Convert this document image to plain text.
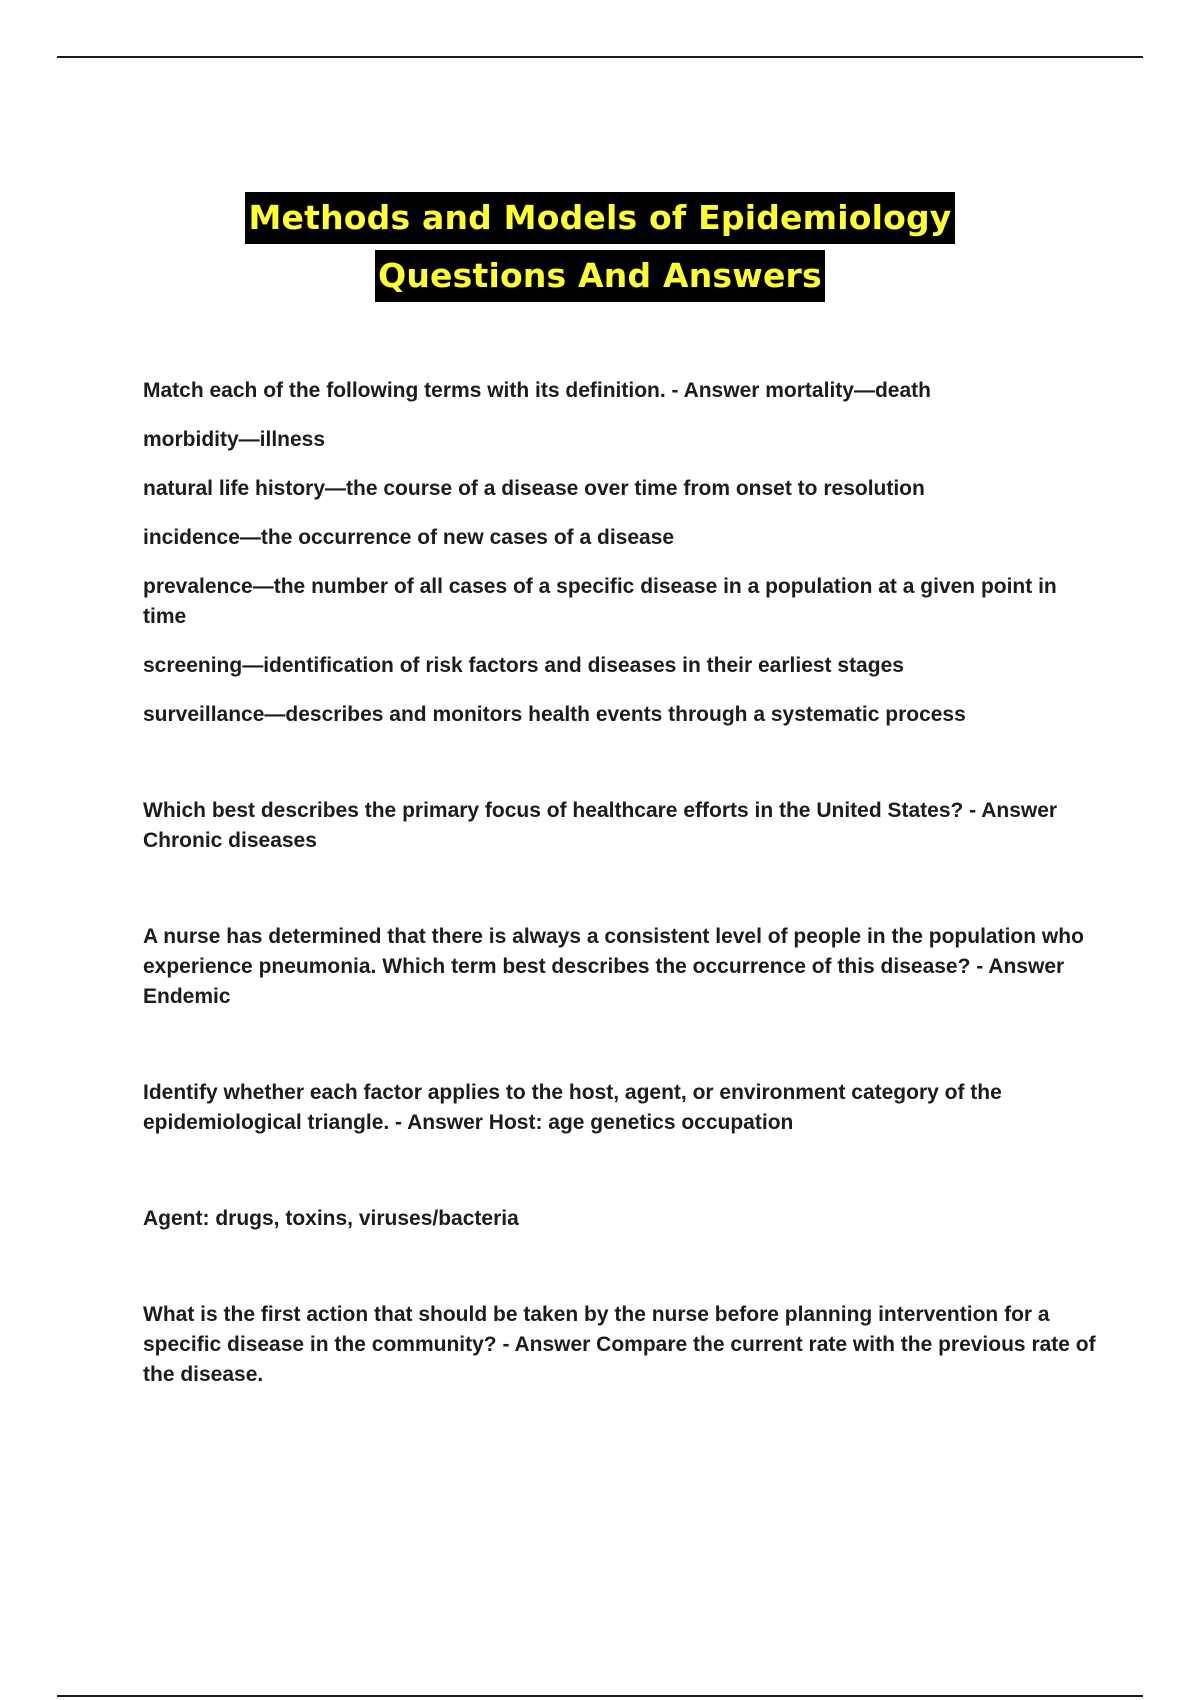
Methods and Models of Epidemiology
Questions And Answers

Match each of the following terms with its definition. - Answer mortality—death

morbidity—illness

natural life history—the course of a disease over time from onset to resolution

incidence—the occurrence of new cases of a disease

prevalence—the number of all cases of a specific disease in a population at a given point in time

screening—identification of risk factors and diseases in their earliest stages

surveillance—describes and monitors health events through a systematic process

Which best describes the primary focus of healthcare efforts in the United States? - Answer Chronic diseases

A nurse has determined that there is always a consistent level of people in the population who experience pneumonia. Which term best describes the occurrence of this disease? - Answer Endemic

Identify whether each factor applies to the host, agent, or environment category of the epidemiological triangle. - Answer Host: age genetics occupation

Agent: drugs, toxins, viruses/bacteria

What is the first action that should be taken by the nurse before planning intervention for a specific disease in the community? - Answer Compare the current rate with the previous rate of the disease.
